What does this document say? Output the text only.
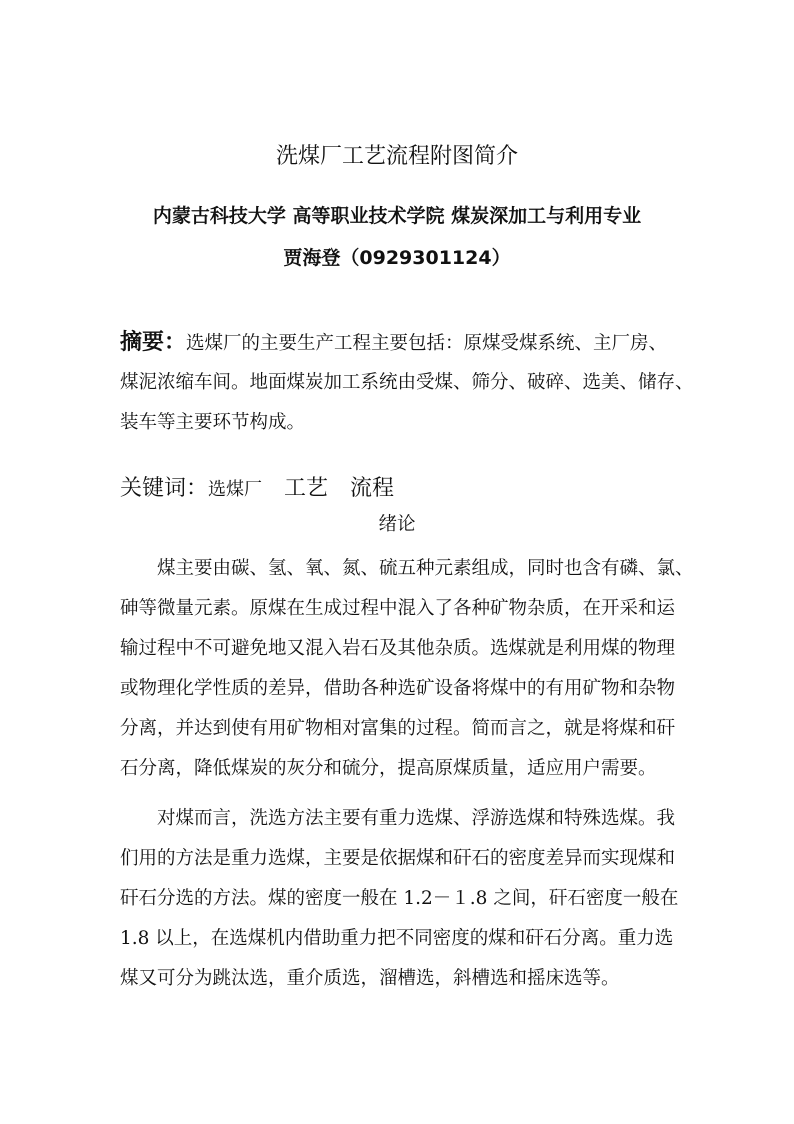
洗煤厂工艺流程附图简介
内蒙古科技大学 高等职业技术学院 煤炭深加工与利用专业
贾海登（0929301124）
摘要：选煤厂的主要生产工程主要包括：原煤受煤系统、主厂房、
煤泥浓缩车间。地面煤炭加工系统由受煤、筛分、破碎、选美、储存、
装车等主要环节构成。
关键词：选煤厂 工艺 流程
绪论
煤主要由碳、氢、氧、氮、硫五种元素组成，同时也含有磷、氯、
砷等微量元素。原煤在生成过程中混入了各种矿物杂质，在开采和运
输过程中不可避免地又混入岩石及其他杂质。选煤就是利用煤的物理
或物理化学性质的差异，借助各种选矿设备将煤中的有用矿物和杂物
分离，并达到使有用矿物相对富集的过程。简而言之，就是将煤和矸
石分离，降低煤炭的灰分和硫分，提高原煤质量，适应用户需要。
对煤而言，洗选方法主要有重力选煤、浮游选煤和特殊选煤。我
们用的方法是重力选煤，主要是依据煤和矸石的密度差异而实现煤和
矸石分选的方法。煤的密度一般在 1.2－１.8 之间，矸石密度一般在
1.8 以上，在选煤机内借助重力把不同密度的煤和矸石分离。重力选
煤又可分为跳汰选，重介质选，溜槽选，斜槽选和摇床选等。
